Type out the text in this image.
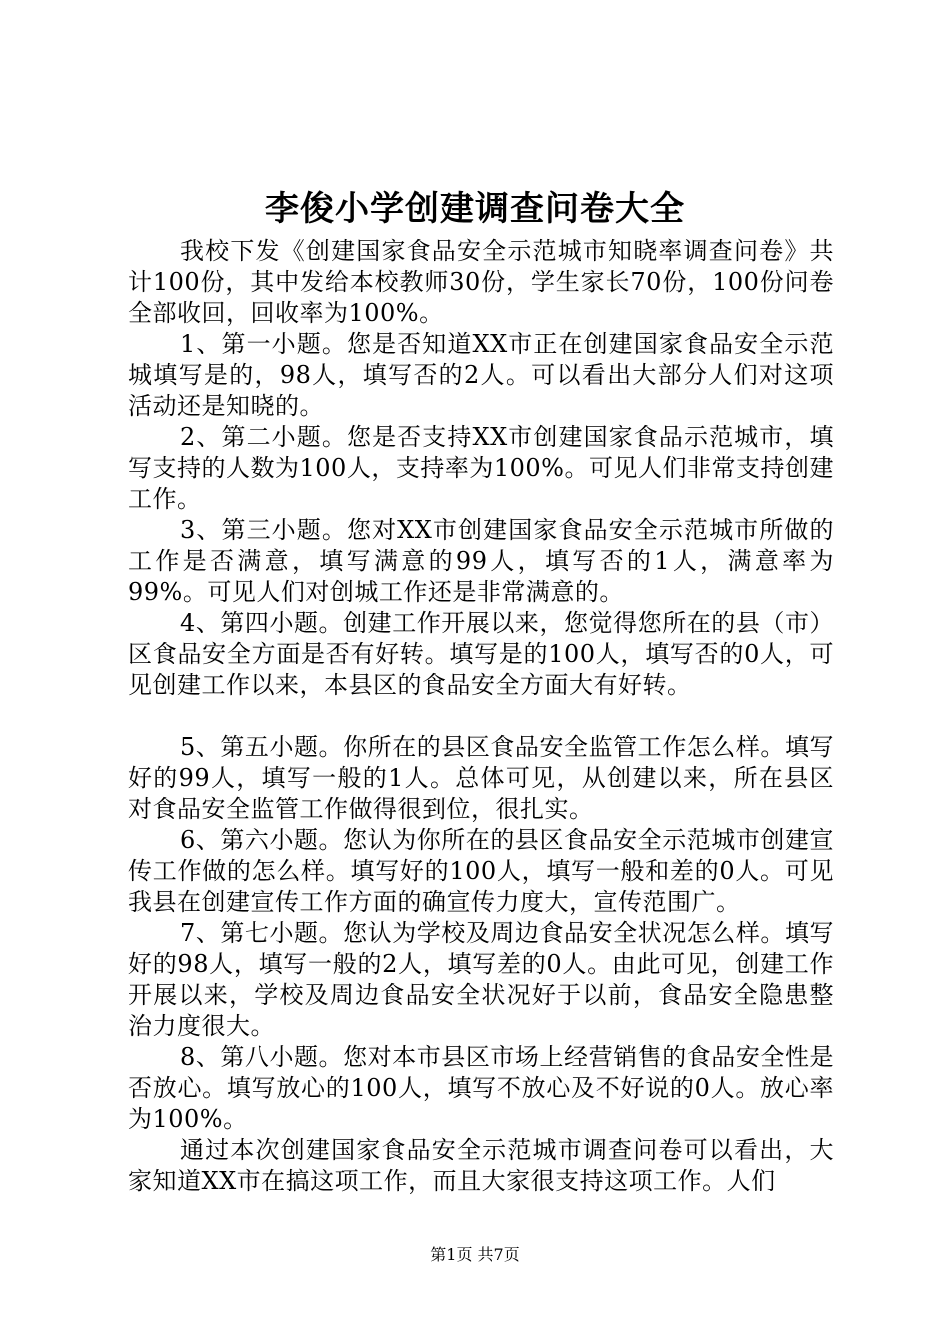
李俊小学创建调查问卷大全

我校下发《创建国家食品安全示范城市知晓率调查问卷》共计100份，其中发给本校教师30份，学生家长70份，100份问卷全部收回，回收率为100%。

1、第一小题。您是否知道XX市正在创建国家食品安全示范城填写是的，98人，填写否的2人。可以看出大部分人们对这项活动还是知晓的。

2、第二小题。您是否支持XX市创建国家食品示范城市，填写支持的人数为100人，支持率为100%。可见人们非常支持创建工作。

3、第三小题。您对XX市创建国家食品安全示范城市所做的工作是否满意，填写满意的99人，填写否的1人，满意率为99%。可见人们对创城工作还是非常满意的。

4、第四小题。创建工作开展以来，您觉得您所在的县（市）区食品安全方面是否有好转。填写是的100人，填写否的0人，可见创建工作以来，本县区的食品安全方面大有好转。

5、第五小题。你所在的县区食品安全监管工作怎么样。填写好的99人，填写一般的1人。总体可见，从创建以来，所在县区对食品安全监管工作做得很到位，很扎实。

6、第六小题。您认为你所在的县区食品安全示范城市创建宣传工作做的怎么样。填写好的100人，填写一般和差的0人。可见我县在创建宣传工作方面的确宣传力度大，宣传范围广。

7、第七小题。您认为学校及周边食品安全状况怎么样。填写好的98人，填写一般的2人，填写差的0人。由此可见，创建工作开展以来，学校及周边食品安全状况好于以前，食品安全隐患整治力度很大。

8、第八小题。您对本市县区市场上经营销售的食品安全性是否放心。填写放心的100人，填写不放心及不好说的0人。放心率为100%。

通过本次创建国家食品安全示范城市调查问卷可以看出，大家知道XX市在搞这项工作，而且大家很支持这项工作。人们

第1页 共7页
